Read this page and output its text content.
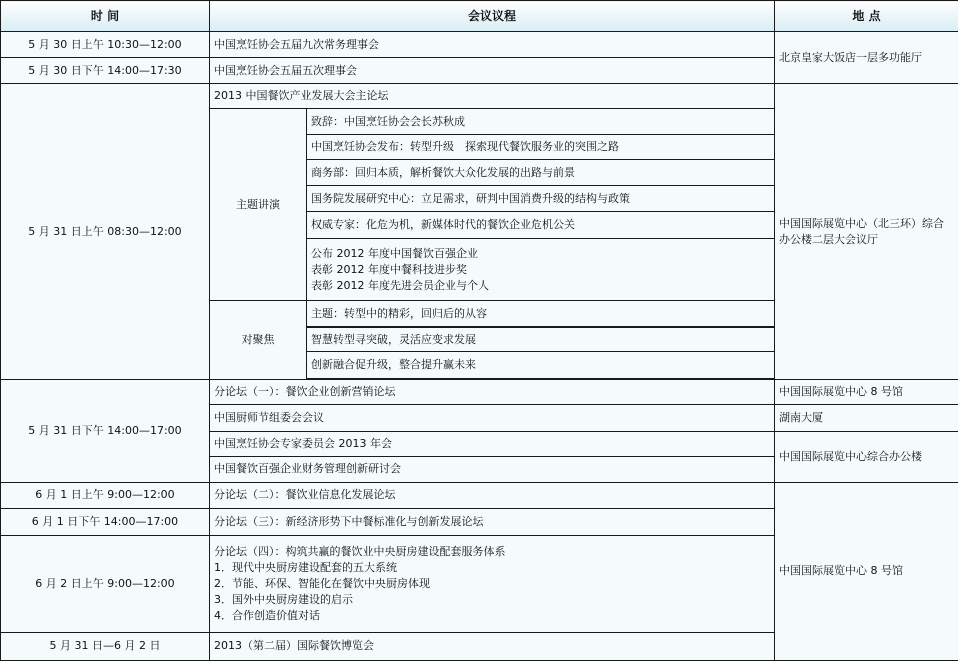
时 间	会议议程		地 点
5 月 30 日上午 10:30—12:00	中国烹饪协会五届九次常务理事会		北京皇家大饭店一层多功能厅
5 月 30 日下午 14:00—17:30	中国烹饪协会五届五次理事会		
5 月 31 日上午 08:30—12:00	2013 中国餐饮产业发展大会主论坛		中国国际展览中心（北三环）综合办公楼二层大会议厅
	主题讲演	致辞：中国烹饪协会会长苏秋成	
		中国烹饪协会发布：转型升级　探索现代餐饮服务业的突围之路	
		商务部：回归本质，解析餐饮大众化发展的出路与前景	
		国务院发展研究中心：立足需求，研判中国消费升级的结构与政策	
		权威专家：化危为机，新媒体时代的餐饮企业危机公关	

		公布 2012 年度中国餐饮百强企业
表彰 2012 年度中餐科技进步奖
表彰 2012 年度先进会员企业与个人	

	对聚焦	主题：转型中的精彩，回归后的从容	

		智慧转型寻突破，灵活应变求发展	
		创新融合促升级，整合提升赢未来	

5 月 31 日下午 14:00—17:00	分论坛（一）：餐饮企业创新营销论坛		中国国际展览中心 8 号馆
	中国厨师节组委会会议		湖南大厦
	中国烹饪协会专家委员会 2013 年会		中国国际展览中心综合办公楼
	中国餐饮百强企业财务管理创新研讨会		
6 月 1 日上午 9:00—12:00	分论坛（二）：餐饮业信息化发展论坛		中国国际展览中心 8 号馆
6 月 1 日下午 14:00—17:00	分论坛（三）：新经济形势下中餐标准化与创新发展论坛		
6 月 2 日上午 9:00—12:00	分论坛（四）：构筑共赢的餐饮业中央厨房建设配套服务体系
1．现代中央厨房建设配套的五大系统
2．节能、环保、智能化在餐饮中央厨房体现
3．国外中央厨房建设的启示
4．合作创造价值对话		

5 月 31 日—6 月 2 日	2013（第二届）国际餐饮博览会		
